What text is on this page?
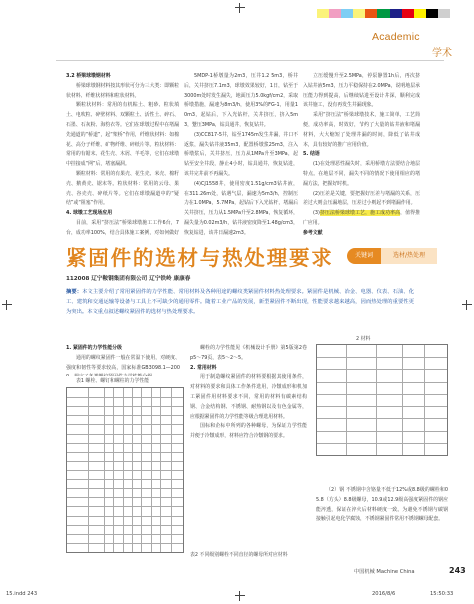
Academic
学术

3.2 桥梁球墩钢材料

桥梁球墩钢材料按其形状可分为三大类：即颗粒状材料、纤维状材料和粒状材料。

颗粒状材料：常用的有机粘土、粗砂、粒状填土、电吹粒、碎壁材料、双颗粒土、活性土、碎石、石墨、石灰粉、海豹衣等。它们在球墩过程中在堵漏先通道的“桥道”，起“架桥”作用，纤维状材料：如棉花、高分子纤维、矿物纤维、碎纸片等。粒状材料：常用的有锯末、花生壳、木屑、羊毛等，它们在球墩中挂接成“网”后，堵塞漏洞。

颗粒材料：常用的有果壳、花生壳、米壳、棉籽壳、鹅黄壳、锯末等。粒状材料：常用的云母、果壳、谷壳壳、碎纸片等。它们在球墩漏道中的“疑结”或“阻塞”作用。

4. 球墩工艺现场应用

目前，采用“挤压法”桥梁球墩施工工作6台，7台，成功率100%，结合具体施工案例，对如何做好

5MDP-1桥墩量为2m3，压井1.2 5m3，桥井后，关井挤压7.1m3，球墩效果较好，1日，钻至于3000m处时发生漏失，地面压力5.0kgf/cm2，采取桥墩措施，漏速为8m3/h，使用3%的FG-1，用量10m3，起钻后，下入光钻杆，关井挤压，挤入5m3，蹩压3MPa，钻具通井，恢复钻井。

(3)CC817-5井，钻至1745m发生井漏，井口不返浆，漏失钻井液35m3，配置桥墩浆25m3，注入桥墩浆后，关井挤压，压力从1MPa升至3MPa，起钻至安全井段，静止4小时，钻具通井，恢复钻进，该井完井前不再漏失。

(4)CJ1558井，使用密度1.51g/cm3钻井液，在311.26m处，钻遇气层，漏速为5m3/h，控制压力在1.0MPa，5.7MPa，起钻后下入光钻杆，堵漏后关井挤压，压力从1.5MPa升至2.8MPa，恢复循环，漏失量为0.02m3/h，钻井液密度降至1.48g/cm3，恢复钻进，该井日漏速2m3。

立压缓慢升至2.5MPa，停泵静置1h后，再次挤入钻井液5m3，压力平稳保持在2.0MPa，说明地层承压能力得到提高，后继续钻进至设计井深，顺利完成该井施工，没有再发生井漏现象。

采用“挤压法”桥梁球墩技术，施工简单，工艺简便，成功率高，时效好，节约了大量的钻井液和堵漏材料，大大缩短了处理井漏的时间，降低了钻井成本，具有较好的推广应用价值。

5. 结语

(1)在处理恶性漏失时，采用桥墩方法要结合地层特点。在地层不同，漏失不同的情况下使用相应的堵漏方法，把握好时机。

(2)压差是关键，要把握好压差与堵漏的关系，压差过大则会压漏地层，压差过小则起不到堵漏作用。

(3)挤压法桥梁球墩工艺，施工成功率高，值得推广应用。

参考文献

紧固件的选材与热处理要求	关键词	选材/热处理
112008 辽宁鞍钢集团有限公司 辽宁铁岭 康康春
摘要：本文主要介绍了常用紧固件的力学性能、常用材料及各种用途的螺纹类紧固件材料热处理要求。紧固件是机械、冶金、电器、仪表、石油、化工、建筑和交通运输等设备与工具上不可缺少的通用零件。随着工业产品的发展，新型紧固件不断出现，性能要求越来越高，因而热处理的重要性更为突出。本文重点叙述螺纹紧固件的选材与热处理要求。

1. 紧固件的力学性能分级

通用的螺纹紧固件一般在常温下使用，对硬度、强度和韧性等要求较高，国家标准GB3098.1—200

表1 螺栓、螺钉和螺柱的力学性能

螺栓的力学性能见《机械设计手册》第5版第2卷p5～79页，表5～2～5。

2. 常用材料

用于制造螺纹紧固件的材料要根据其使用条件，对材料的要求和具体工作条件选用，冷镦成形和机加工紧固件用材料要求不同，常用的材料有碳素结构钢、合金结构钢、不锈钢、耐热钢以及有色金属等，应根据紧固件的力学性能等级合理选用材料。

国标和企标中所列的各种螺母，为保证力学性能并便于冷镦成形，材料应符合冷镦钢的要求。

表2 不同级别螺栓不同直径的螺母所对应材料
2 材料

（2）钢 不锈钢中含铬量不低于12%或8.8级的螺栓和05.8（方头）8.8级螺母，10.9或12.9级高强度紧固件的钢应能淬透，保证在淬火后材料硬度一致。为避免不锈钢与碳钢接触引起电化学腐蚀，不锈钢紧固件常用不锈钢螺母配套。

中国机械 Machine China	243
15.indd 243	2016/8/6	15:50:33
